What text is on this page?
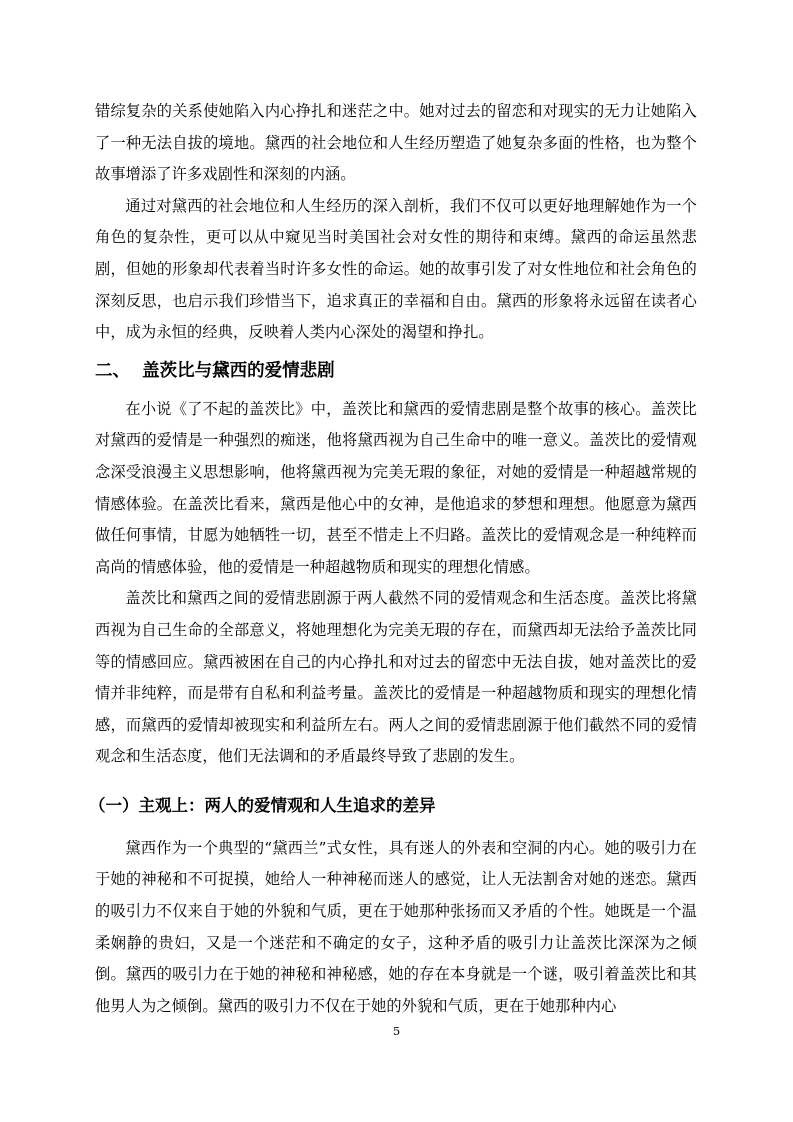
错综复杂的关系使她陷入内心挣扎和迷茫之中。她对过去的留恋和对现实的无力让她陷入了一种无法自拔的境地。黛西的社会地位和人生经历塑造了她复杂多面的性格，也为整个故事增添了许多戏剧性和深刻的内涵。

通过对黛西的社会地位和人生经历的深入剖析，我们不仅可以更好地理解她作为一个角色的复杂性，更可以从中窥见当时美国社会对女性的期待和束缚。黛西的命运虽然悲剧，但她的形象却代表着当时许多女性的命运。她的故事引发了对女性地位和社会角色的深刻反思，也启示我们珍惜当下，追求真正的幸福和自由。黛西的形象将永远留在读者心中，成为永恒的经典，反映着人类内心深处的渴望和挣扎。

二、  盖茨比与黛西的爱情悲剧

在小说《了不起的盖茨比》中，盖茨比和黛西的爱情悲剧是整个故事的核心。盖茨比对黛西的爱情是一种强烈的痴迷，他将黛西视为自己生命中的唯一意义。盖茨比的爱情观念深受浪漫主义思想影响，他将黛西视为完美无瑕的象征，对她的爱情是一种超越常规的情感体验。在盖茨比看来，黛西是他心中的女神，是他追求的梦想和理想。他愿意为黛西做任何事情，甘愿为她牺牲一切，甚至不惜走上不归路。盖茨比的爱情观念是一种纯粹而高尚的情感体验，他的爱情是一种超越物质和现实的理想化情感。

盖茨比和黛西之间的爱情悲剧源于两人截然不同的爱情观念和生活态度。盖茨比将黛西视为自己生命的全部意义，将她理想化为完美无瑕的存在，而黛西却无法给予盖茨比同等的情感回应。黛西被困在自己的内心挣扎和对过去的留恋中无法自拔，她对盖茨比的爱情并非纯粹，而是带有自私和利益考量。盖茨比的爱情是一种超越物质和现实的理想化情感，而黛西的爱情却被现实和利益所左右。两人之间的爱情悲剧源于他们截然不同的爱情观念和生活态度，他们无法调和的矛盾最终导致了悲剧的发生。

（一）主观上：两人的爱情观和人生追求的差异

黛西作为一个典型的“黛西兰”式女性，具有迷人的外表和空洞的内心。她的吸引力在于她的神秘和不可捉摸，她给人一种神秘而迷人的感觉，让人无法割舍对她的迷恋。黛西的吸引力不仅来自于她的外貌和气质，更在于她那种张扬而又矛盾的个性。她既是一个温柔娴静的贵妇，又是一个迷茫和不确定的女子，这种矛盾的吸引力让盖茨比深深为之倾倒。黛西的吸引力在于她的神秘和神秘感，她的存在本身就是一个谜，吸引着盖茨比和其他男人为之倾倒。黛西的吸引力不仅在于她的外貌和气质，更在于她那种内心

5
